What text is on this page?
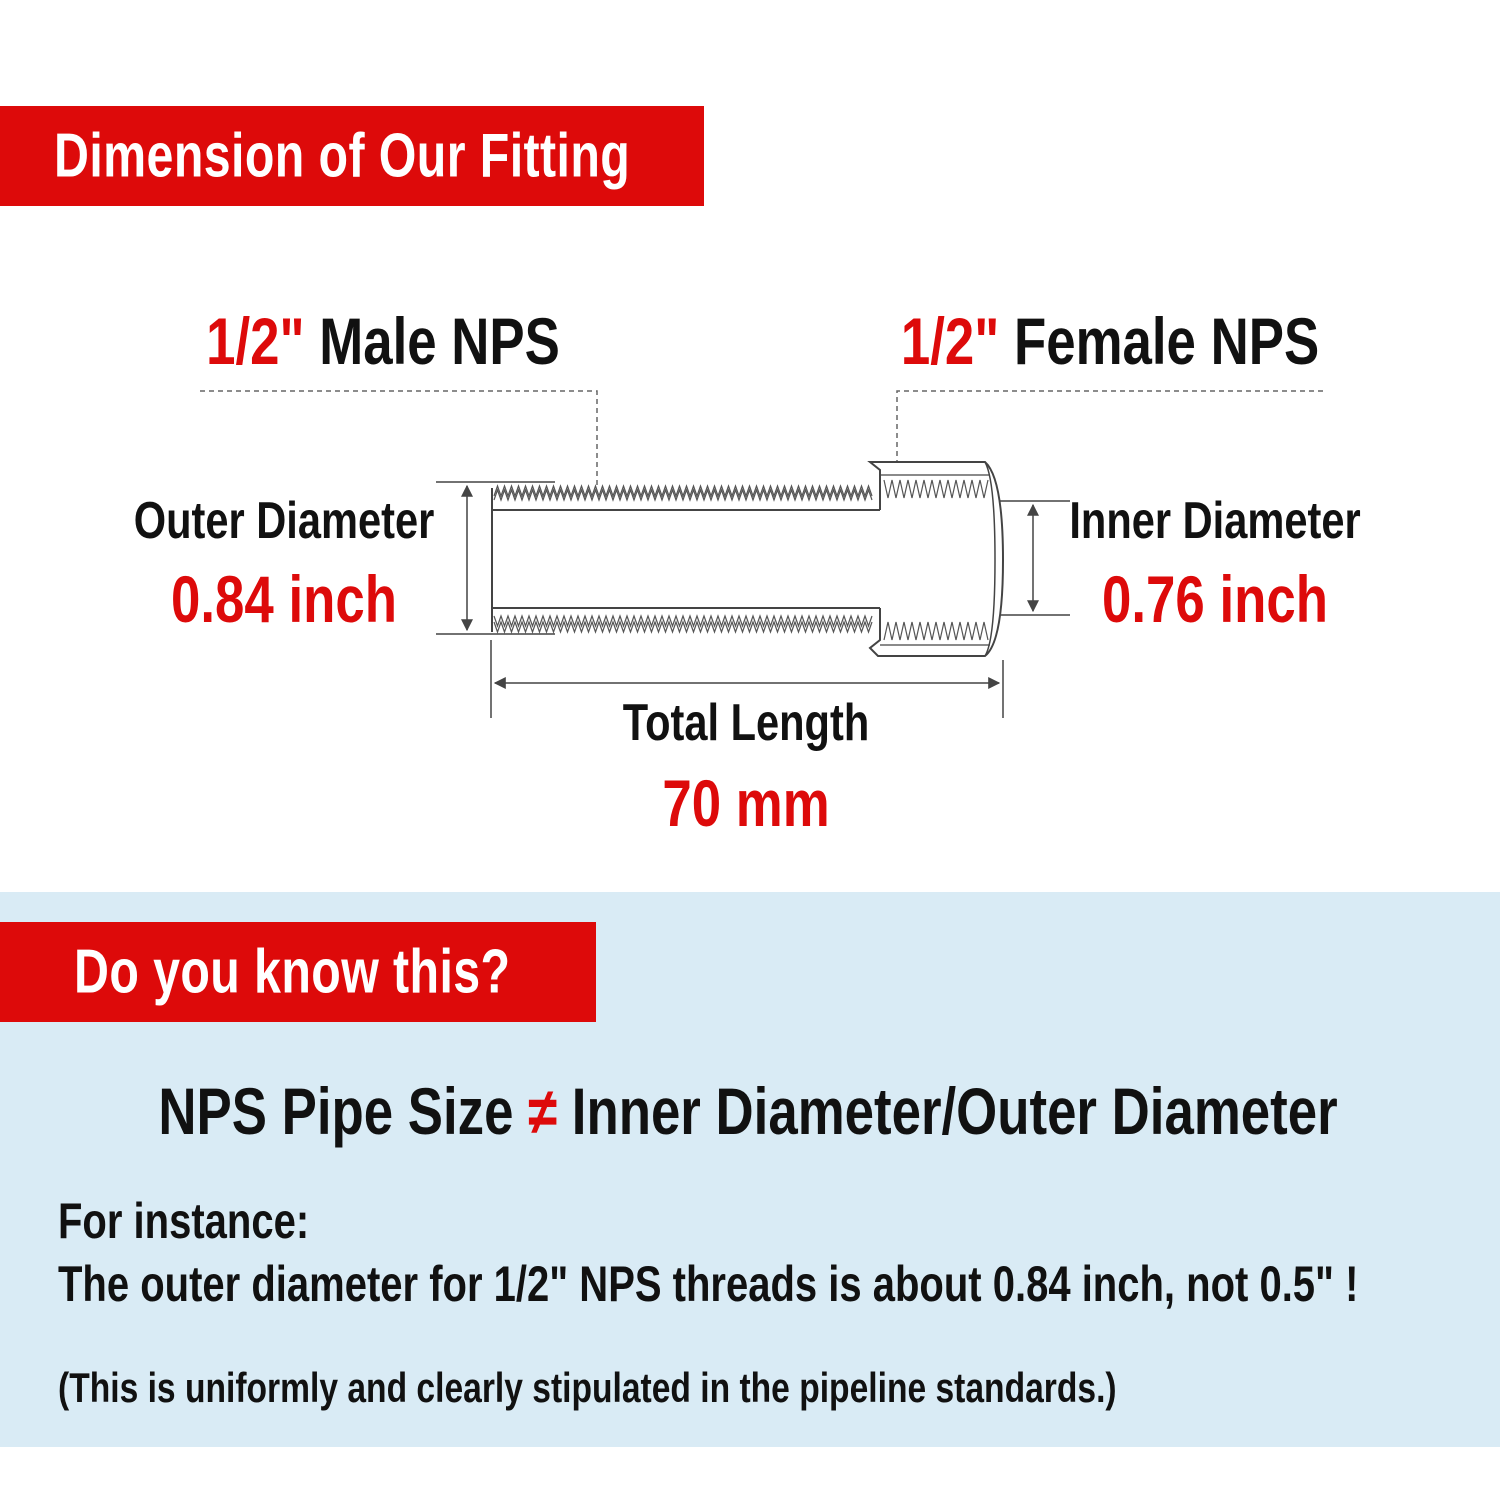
Dimension of Our Fitting
1/2" Male NPS	1/2" Female NPS
Outer Diameter
0.84 inch
Inner Diameter
0.76 inch
Total Length
70 mm
Do you know this?
NPS Pipe Size ≠ Inner Diameter/Outer Diameter
For instance:
The outer diameter for 1/2" NPS threads is about 0.84 inch, not 0.5" !
(This is uniformly and clearly stipulated in the pipeline standards.)
